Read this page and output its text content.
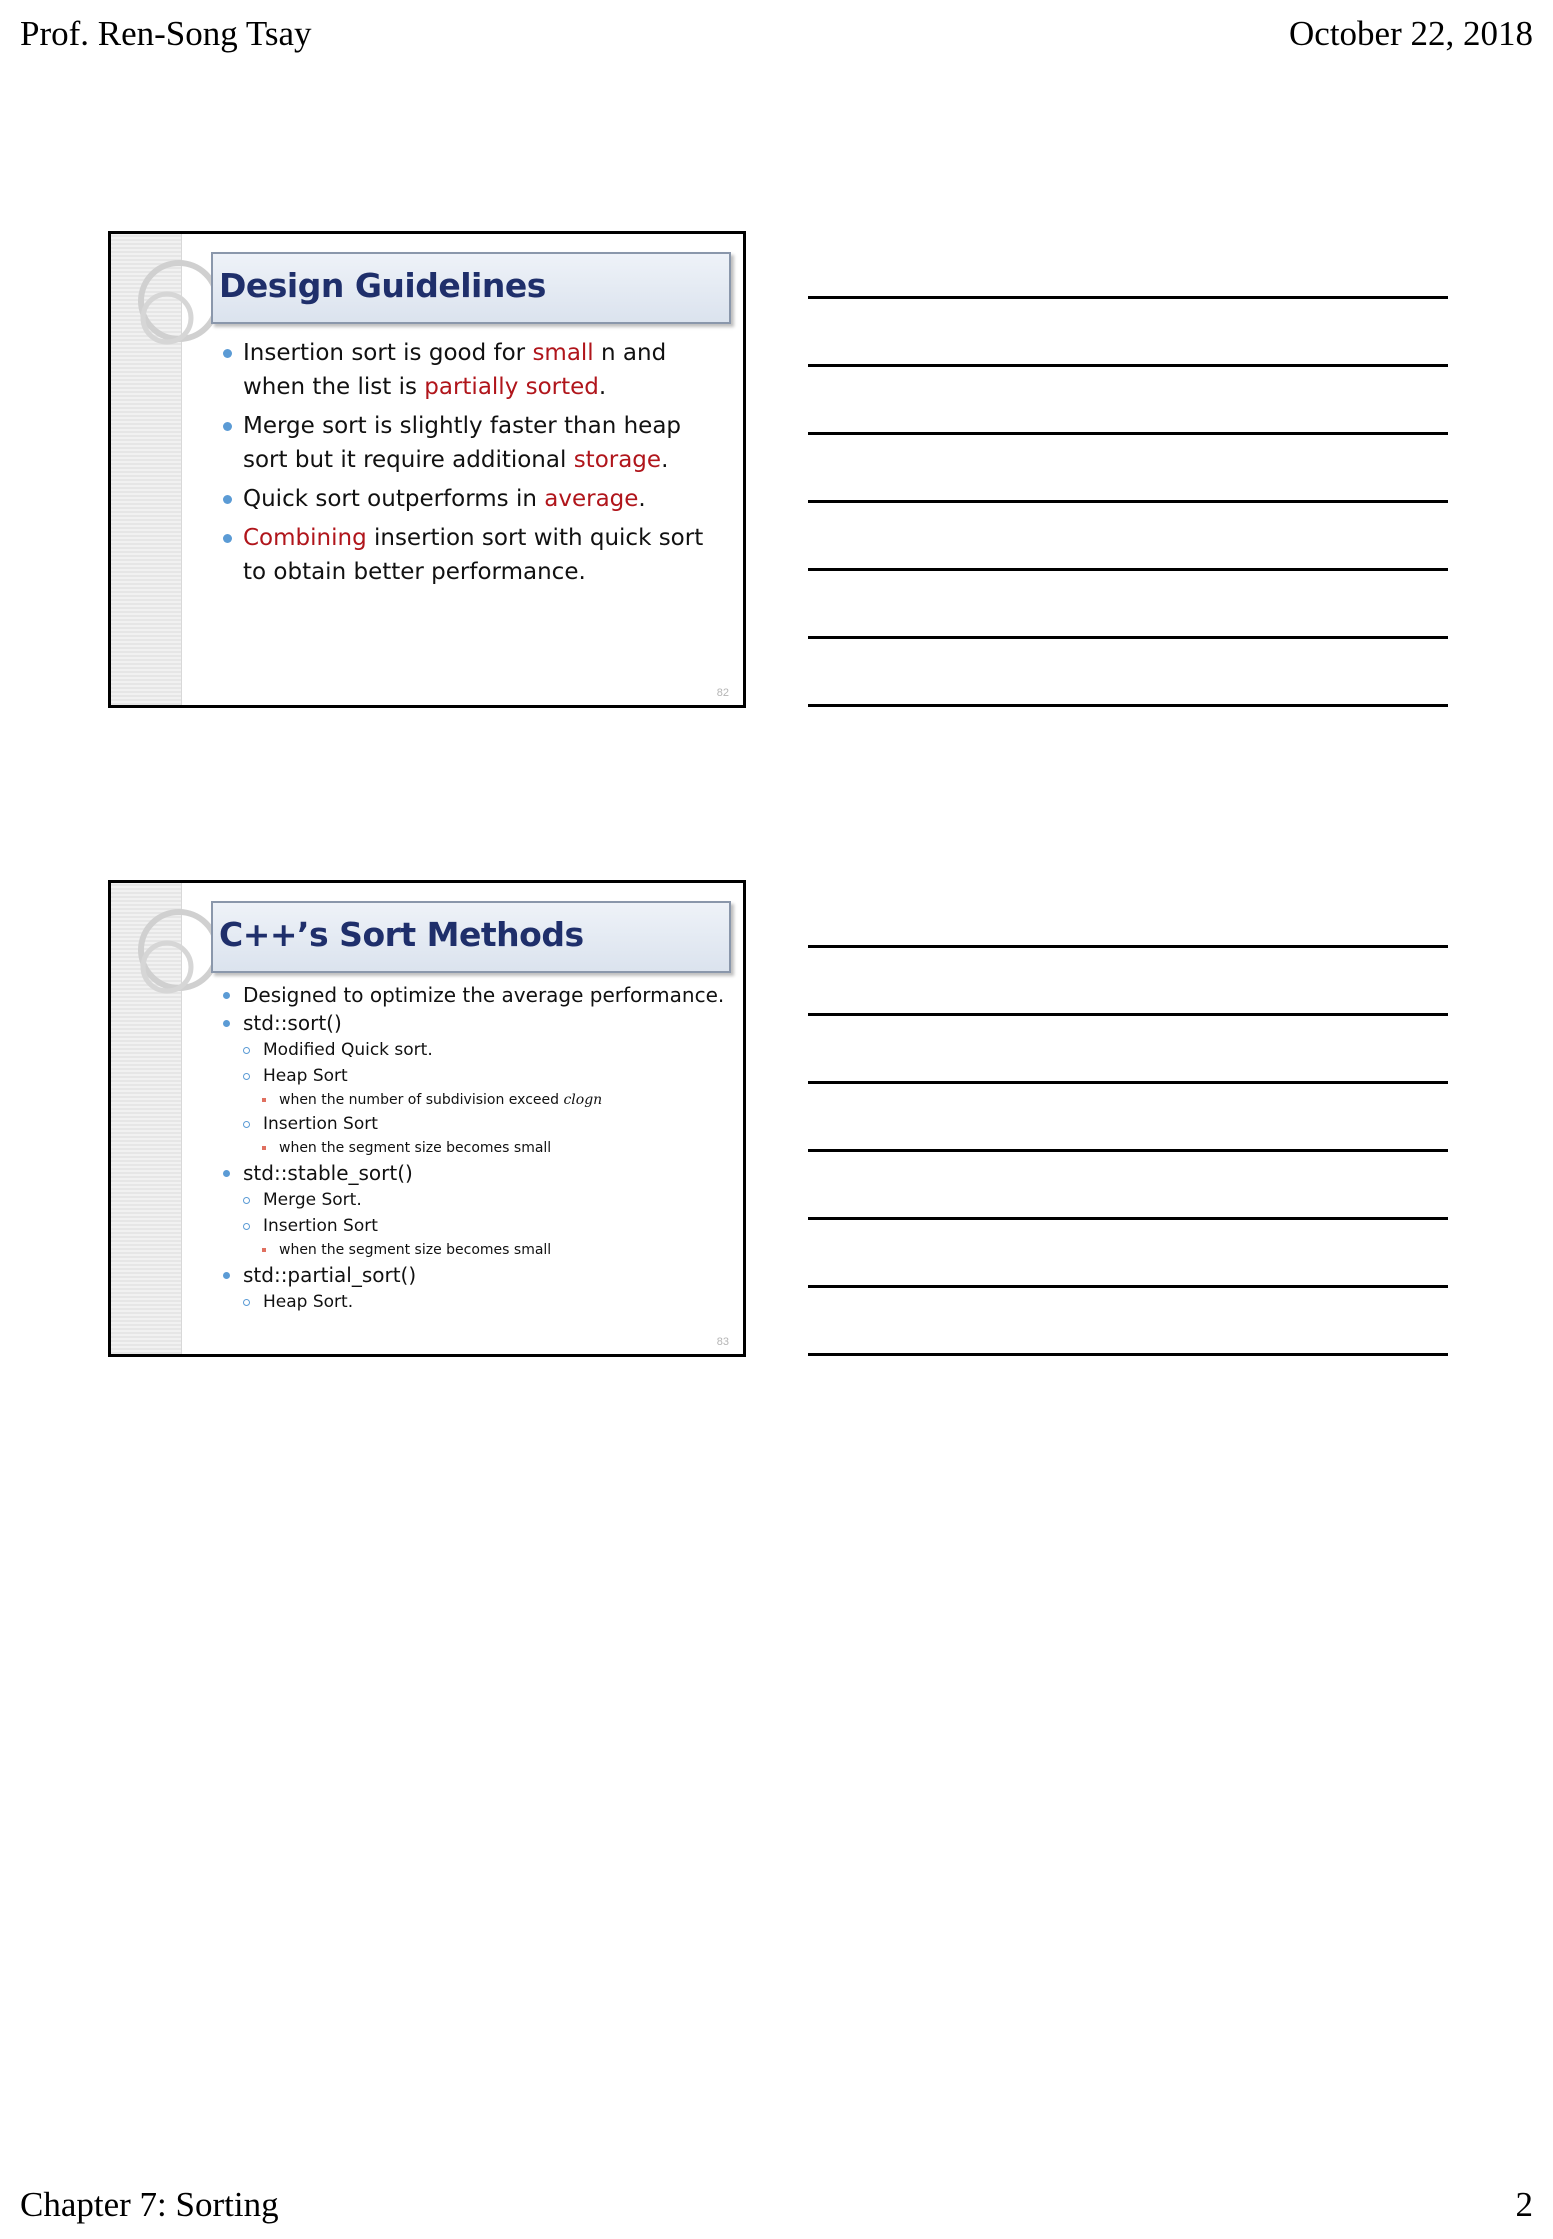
Prof. Ren-Song Tsay	October 22, 2018
Design Guidelines
Insertion sort is good for small n and when the list is partially sorted.
Merge sort is slightly faster than heap sort but it require additional storage.
Quick sort outperforms in average.
Combining insertion sort with quick sort to obtain better performance.
82
C++’s Sort Methods
Designed to optimize the average performance.
std::sort()
Modified Quick sort.
Heap Sort
when the number of subdivision exceed clogn
Insertion Sort
when the segment size becomes small
std::stable_sort()
Merge Sort.
Insertion Sort
when the segment size becomes small
std::partial_sort()
Heap Sort.
83
Chapter 7: Sorting	2
